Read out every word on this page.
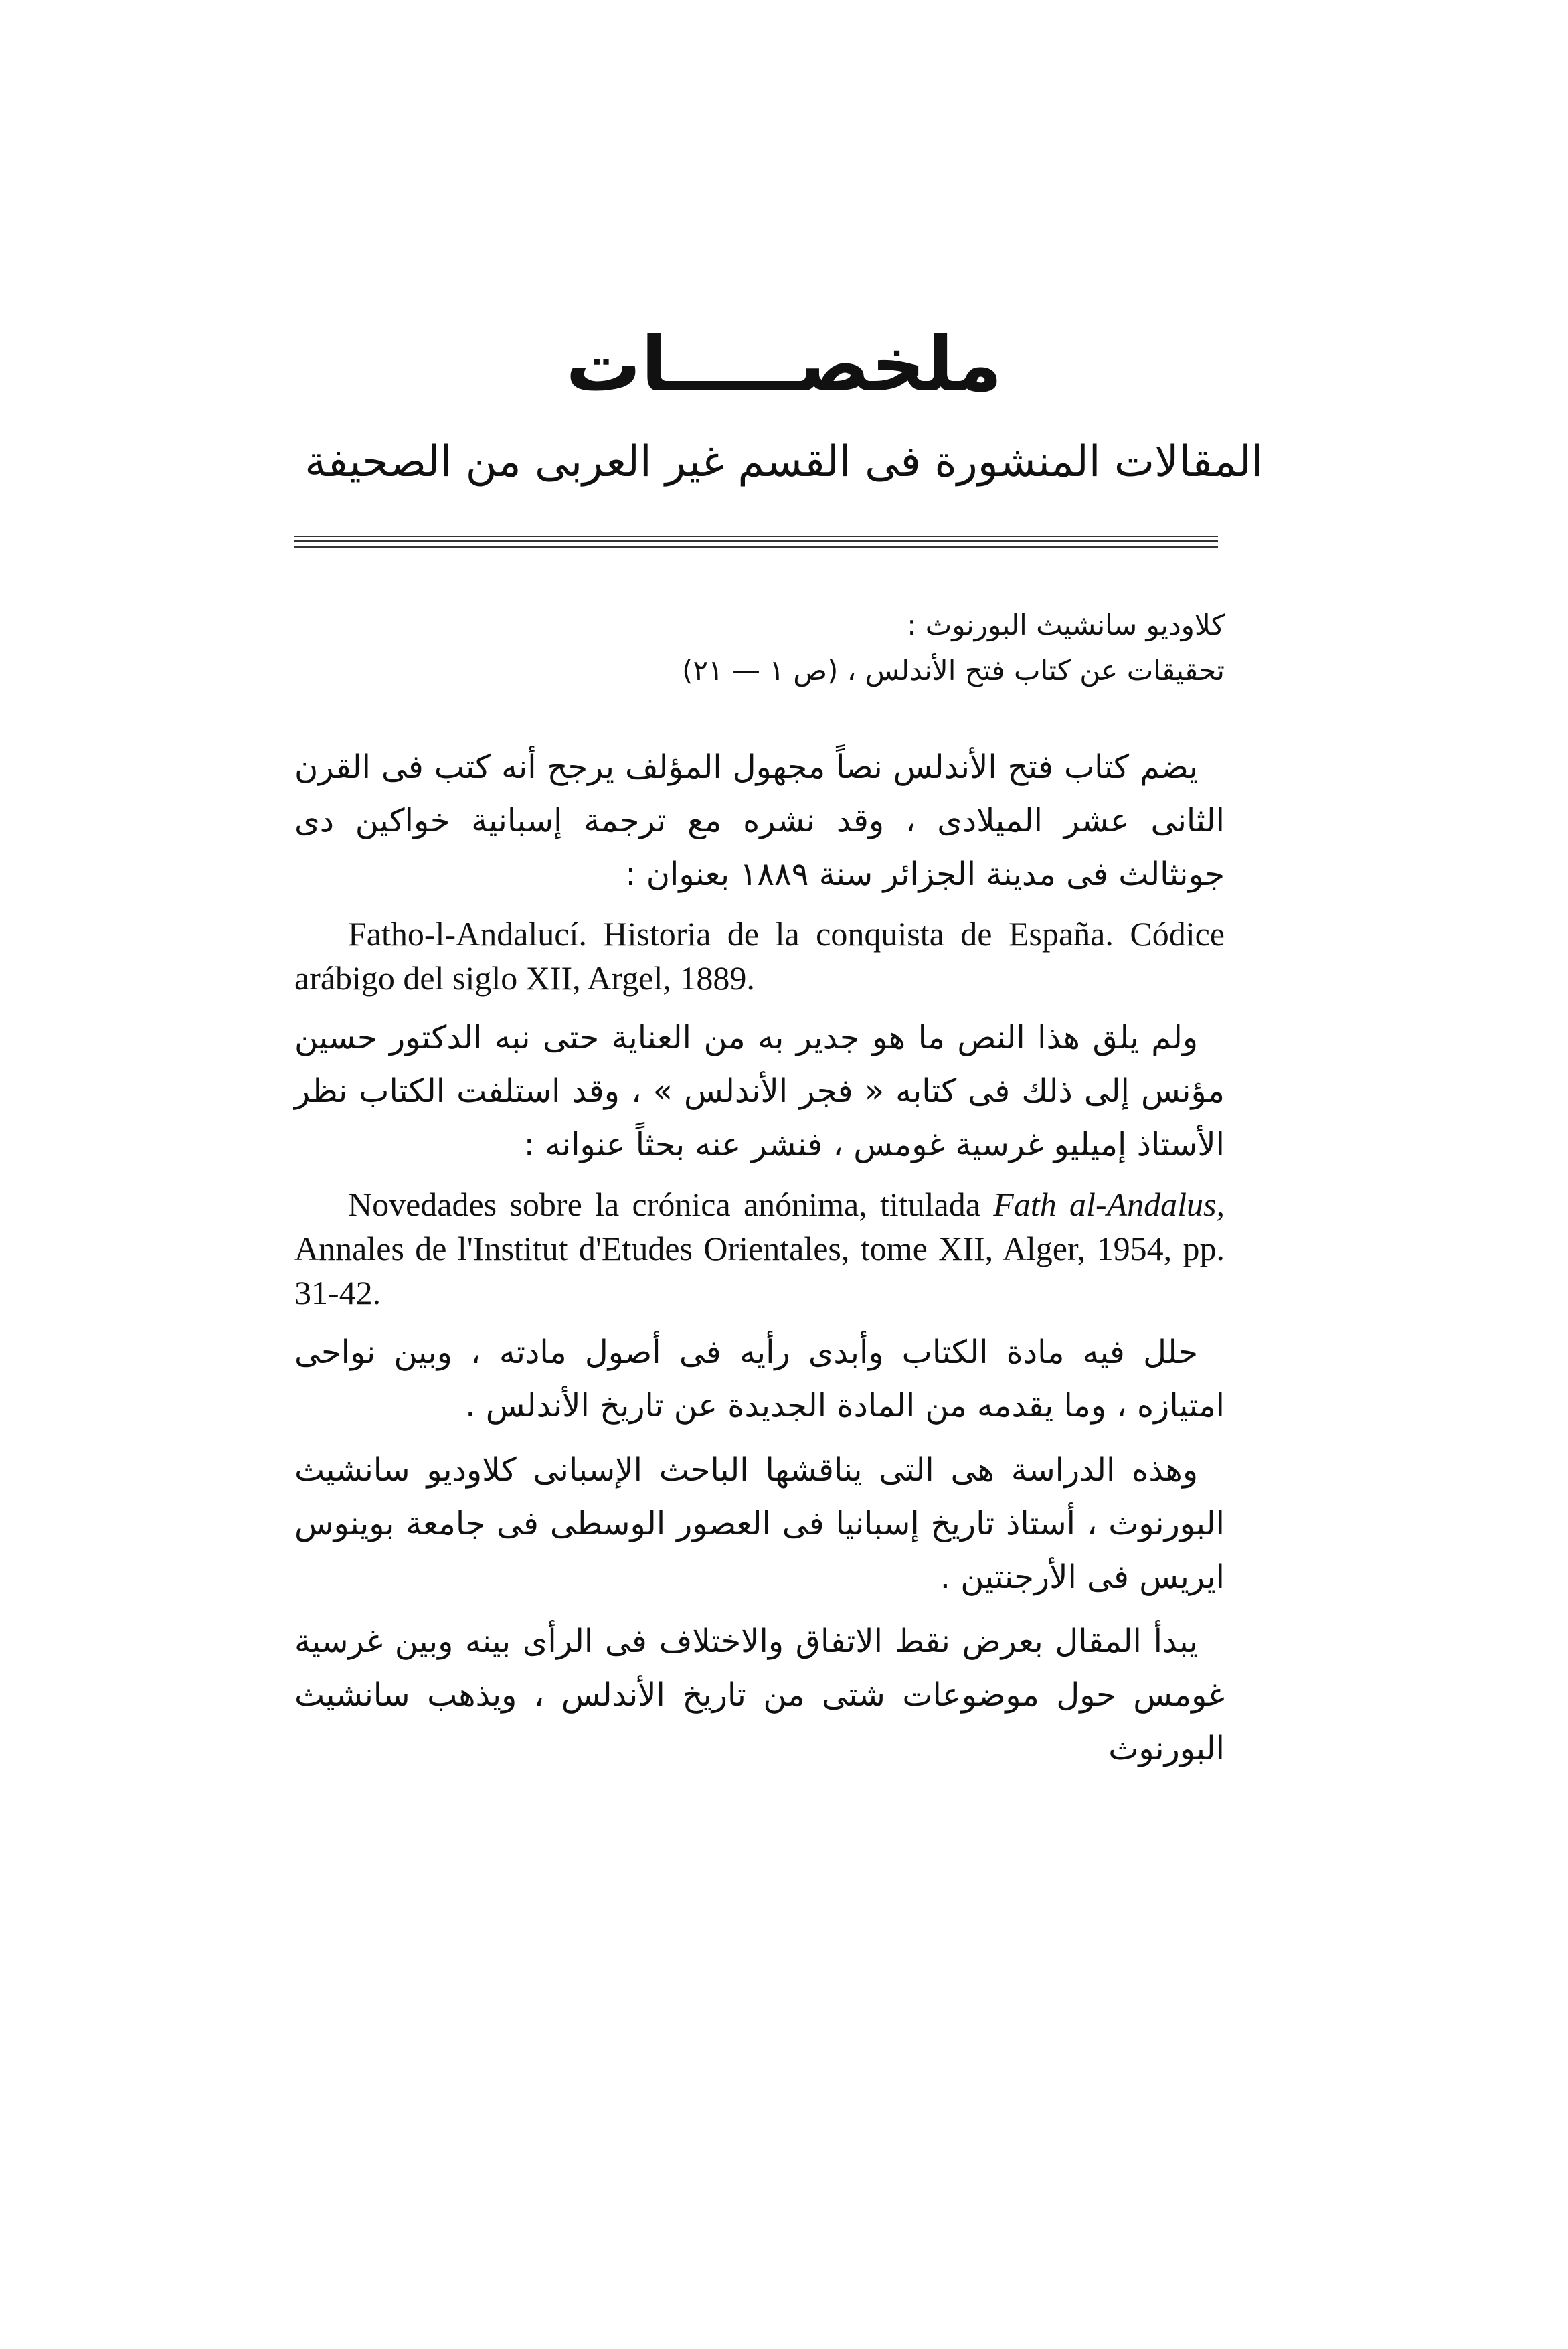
ملخصـــــات
المقالات المنشورة فى القسم غير العربى من الصحيفة

كلاوديو سانشيث البورنوث :

تحقيقات عن كتاب فتح الأندلس ، (ص ١ — ٢١)

يضم كتاب فتح الأندلس نصاً مجهول المؤلف يرجح أنه كتب فى القرن الثانى عشر الميلادى ، وقد نشره مع ترجمة إسبانية خواكين دى جونثالث فى مدينة الجزائر سنة ١٨٨٩ بعنوان :

Fatho-l-Andalucí. Historia de la conquista de España. Códice arábigo del siglo XII, Argel, 1889.

ولم يلق هذا النص ما هو جدير به من العناية حتى نبه الدكتور حسين مؤنس إلى ذلك فى كتابه « فجر الأندلس » ، وقد استلفت الكتاب نظر الأستاذ إميليو غرسية غومس ، فنشر عنه بحثاً عنوانه :

Novedades sobre la crónica anónima, titulada Fath al-Andalus, Annales de l'Institut d'Etudes Orientales, tome XII, Alger, 1954, pp. 31-42.

حلل فيه مادة الكتاب وأبدى رأيه فى أصول مادته ، وبين نواحى امتيازه ، وما يقدمه من المادة الجديدة عن تاريخ الأندلس .

وهذه الدراسة هى التى يناقشها الباحث الإسبانى كلاوديو سانشيث البورنوث ، أستاذ تاريخ إسبانيا فى العصور الوسطى فى جامعة بوينوس ايريس فى الأرجنتين .

يبدأ المقال بعرض نقط الاتفاق والاختلاف فى الرأى بينه وبين غرسية غومس حول موضوعات شتى من تاريخ الأندلس ، ويذهب سانشيث البورنوث
